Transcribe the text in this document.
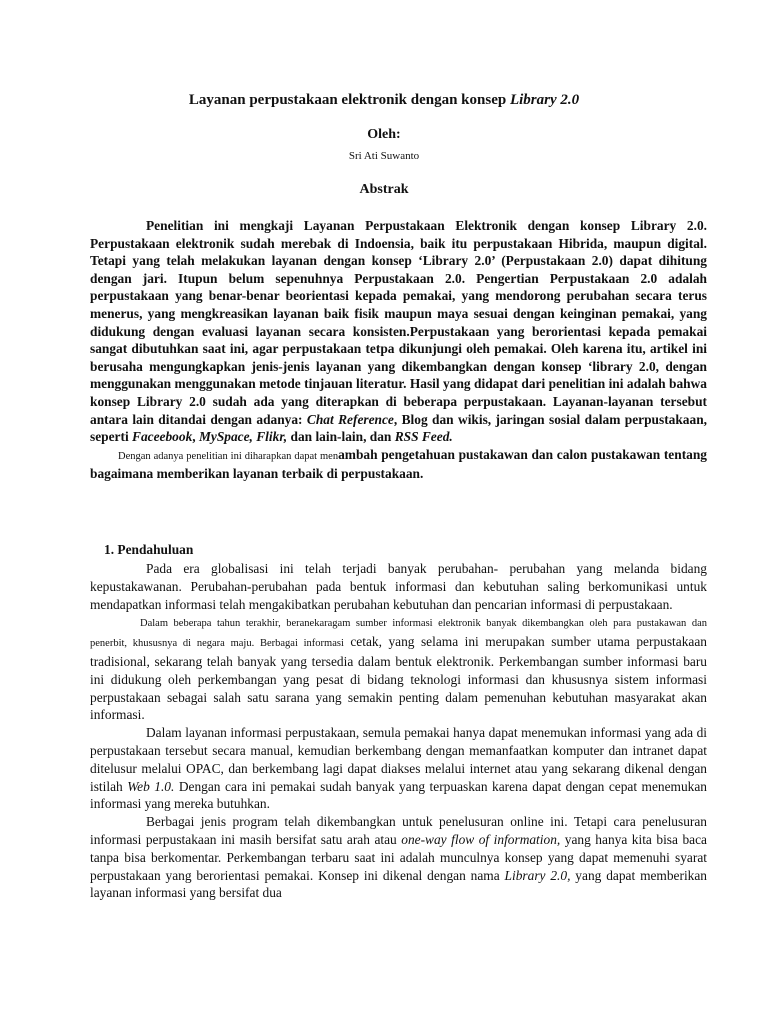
Layanan perpustakaan elektronik dengan konsep Library 2.0
Oleh:
Sri Ati Suwanto
Abstrak

Penelitian ini mengkaji Layanan Perpustakaan Elektronik dengan konsep Library 2.0. Perpustakaan elektronik sudah merebak di Indoensia, baik itu perpustakaan Hibrida, maupun digital. Tetapi yang telah melakukan layanan dengan konsep ‘Library 2.0’ (Perpustakaan 2.0) dapat dihitung dengan jari. Itupun belum sepenuhnya Perpustakaan 2.0. Pengertian Perpustakaan 2.0 adalah perpustakaan yang benar-benar beorientasi kepada pemakai, yang mendorong perubahan secara terus menerus, yang mengkreasikan layanan baik fisik maupun maya sesuai dengan keinginan pemakai, yang didukung dengan evaluasi layanan secara konsisten.Perpustakaan yang berorientasi kepada pemakai sangat dibutuhkan saat ini, agar perpustakaan tetpa dikunjungi oleh pemakai. Oleh karena itu, artikel ini berusaha mengungkapkan jenis-jenis layanan yang dikembangkan dengan konsep ‘library 2.0, dengan menggunakan menggunakan metode tinjauan literatur. Hasil yang didapat dari penelitian ini adalah bahwa konsep Library 2.0 sudah ada yang diterapkan di beberapa perpustakaan. Layanan-layanan tersebut antara lain ditandai dengan adanya: Chat Reference, Blog dan wikis, jaringan sosial dalam perpustakaan, seperti Faceebook, MySpace, Flikr, dan lain-lain, dan RSS Feed.

Dengan adanya penelitian ini diharapkan dapat menambah pengetahuan pustakawan dan calon pustakawan tentang bagaimana memberikan layanan terbaik di perpustakaan.

1. Pendahuluan

Pada era globalisasi ini telah terjadi banyak perubahan- perubahan yang melanda bidang kepustakawanan. Perubahan-perubahan pada bentuk informasi dan kebutuhan saling berkomunikasi untuk mendapatkan informasi telah mengakibatkan perubahan kebutuhan dan pencarian informasi di perpustakaan.

Dalam beberapa tahun terakhir, beranekaragam sumber informasi elektronik banyak dikembangkan oleh para pustakawan dan penerbit, khususnya di negara maju. Berbagai informasi cetak, yang selama ini merupakan sumber utama perpustakaan tradisional, sekarang telah banyak yang tersedia dalam bentuk elektronik. Perkembangan sumber informasi baru ini didukung oleh perkembangan yang pesat di bidang teknologi informasi dan khususnya sistem informasi perpustakaan sebagai salah satu sarana yang semakin penting dalam pemenuhan kebutuhan masyarakat akan informasi.

Dalam layanan informasi perpustakaan, semula pemakai hanya dapat menemukan informasi yang ada di perpustakaan tersebut secara manual, kemudian berkembang dengan memanfaatkan komputer dan intranet dapat ditelusur melalui OPAC, dan berkembang lagi dapat diakses melalui internet atau yang sekarang dikenal dengan istilah Web 1.0. Dengan cara ini pemakai sudah banyak yang terpuaskan karena dapat dengan cepat menemukan informasi yang mereka butuhkan.

Berbagai jenis program telah dikembangkan untuk penelusuran online ini. Tetapi cara penelusuran informasi perpustakaan ini masih bersifat satu arah atau one-way flow of information, yang hanya kita bisa baca tanpa bisa berkomentar. Perkembangan terbaru saat ini adalah munculnya konsep yang dapat memenuhi syarat perpustakaan yang berorientasi pemakai. Konsep ini dikenal dengan nama Library 2.0, yang dapat memberikan layanan informasi yang bersifat dua
